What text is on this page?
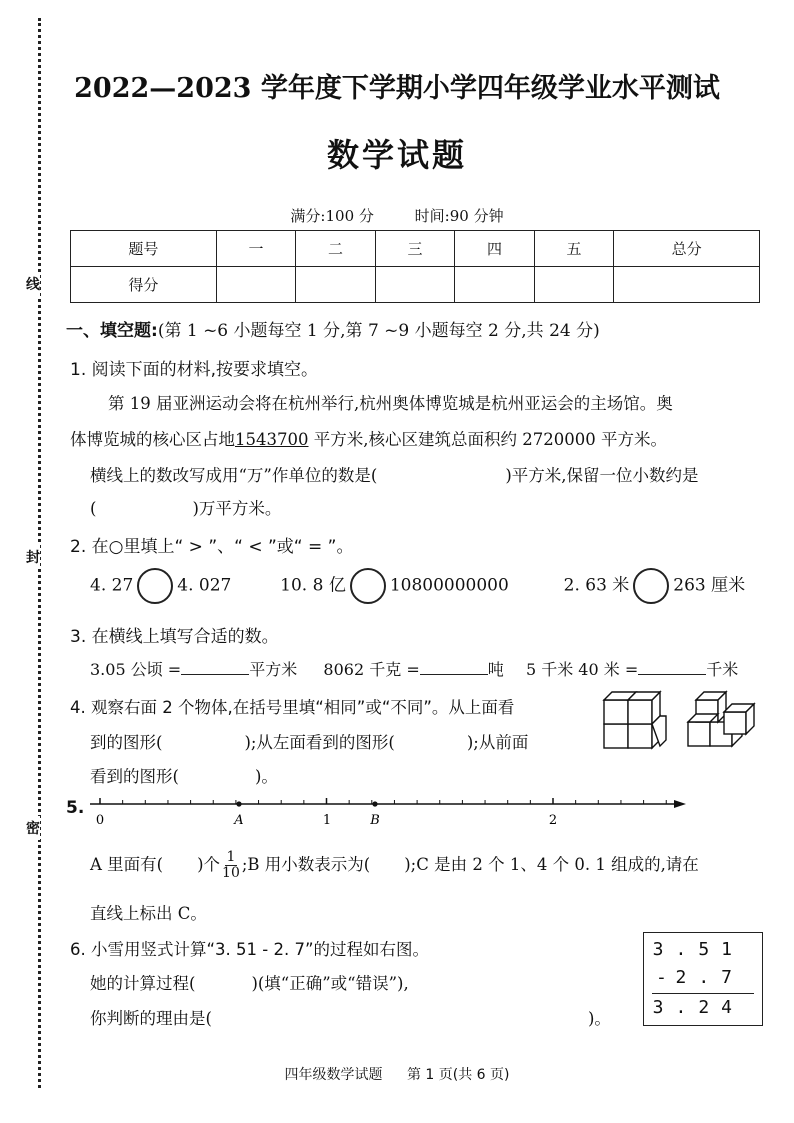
线
封
密
2022—2023 学年度下学期小学四年级学业水平测试
数学试题
满分:100 分	时间:90 分钟
题号	一	二	三	四	五	总分
得分						
一、填空题:(第 1 ~6 小题每空 1 分,第 7 ~9 小题每空 2 分,共 24 分)
1. 阅读下面的材料,按要求填空。
第 19 届亚洲运动会将在杭州举行,杭州奥体博览城是杭州亚运会的主场馆。奥
体博览城的核心区占地1543700 平方米,核心区建筑总面积约 2720000 平方米。
横线上的数改写成用“万”作单位的数是(	)平方米,保留一位小数约是
(	)万平方米。
2. 在○里填上“ > ”、“ < ”或“ = ”。
4. 27	4. 027	10. 8 亿	10800000000	2. 63 米	263 厘米
3. 在横线上填写合适的数。
3.05 公顷 =	平方米 8062 千克 =	吨 5 千米 40 米 =	千米
4. 观察右面 2 个物体,在括号里填“相同”或“不同”。从上面看
到的图形(	);从左面看到的图形(	);从前面
看到的图形(	)。
5.
0	A	1	B	2
A 里面有( )个 $\frac{1}{10}$ ;B 用小数表示为( );C 是由 2 个 1、4 个 0. 1 组成的,请在
直线上标出 C。
6. 小雪用竖式计算“3. 51 - 2. 7”的过程如右图。
她的计算过程(	)(填“正确”或“错误”),
你判断的理由是(	)。
3.51
-
2.7
3.24
四年级数学试题 第 1 页(共 6 页)
